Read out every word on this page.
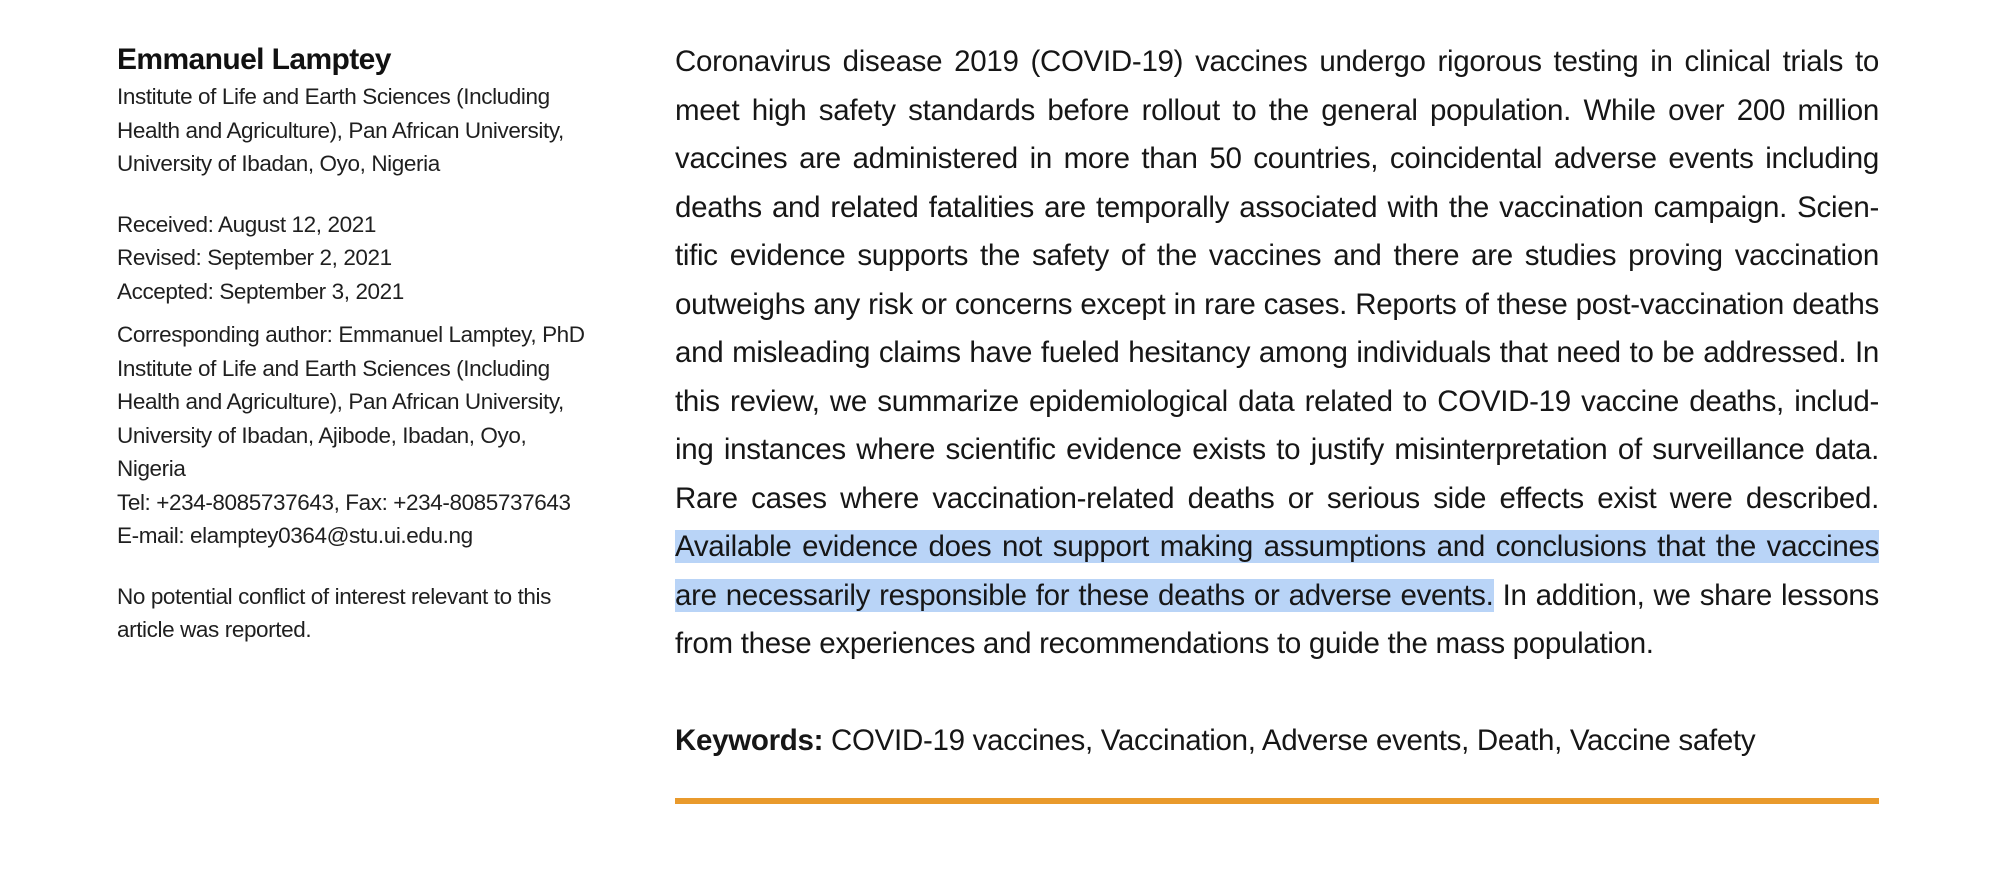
Emmanuel Lamptey
Institute of Life and Earth Sciences (Including
Health and Agriculture), Pan African University,
University of Ibadan, Oyo, Nigeria
Received: August 12, 2021
Revised: September 2, 2021
Accepted: September 3, 2021
Corresponding author: Emmanuel Lamptey, PhD
Institute of Life and Earth Sciences (Including
Health and Agriculture), Pan African University,
University of Ibadan, Ajibode, Ibadan, Oyo,
Nigeria
Tel: +234-8085737643, Fax: +234-8085737643
E-mail: elamptey0364@stu.ui.edu.ng
No potential conflict of interest relevant to this
article was reported.
Coronavirus disease 2019 (COVID-19) vaccines undergo rigorous testing in clinical trials to
meet high safety standards before rollout to the general population. While over 200 million
vaccines are administered in more than 50 countries, coincidental adverse events including
deaths and related fatalities are temporally associated with the vaccination campaign. Scien-
tific evidence supports the safety of the vaccines and there are studies proving vaccination
outweighs any risk or concerns except in rare cases. Reports of these post-vaccination deaths
and misleading claims have fueled hesitancy among individuals that need to be addressed. In
this review, we summarize epidemiological data related to COVID-19 vaccine deaths, includ-
ing instances where scientific evidence exists to justify misinterpretation of surveillance data.
Rare cases where vaccination-related deaths or serious side effects exist were described.
Available evidence does not support making assumptions and conclusions that the vaccines
are necessarily responsible for these deaths or adverse events. In addition, we share lessons
from these experiences and recommendations to guide the mass population.
Keywords: COVID-19 vaccines, Vaccination, Adverse events, Death, Vaccine safety
